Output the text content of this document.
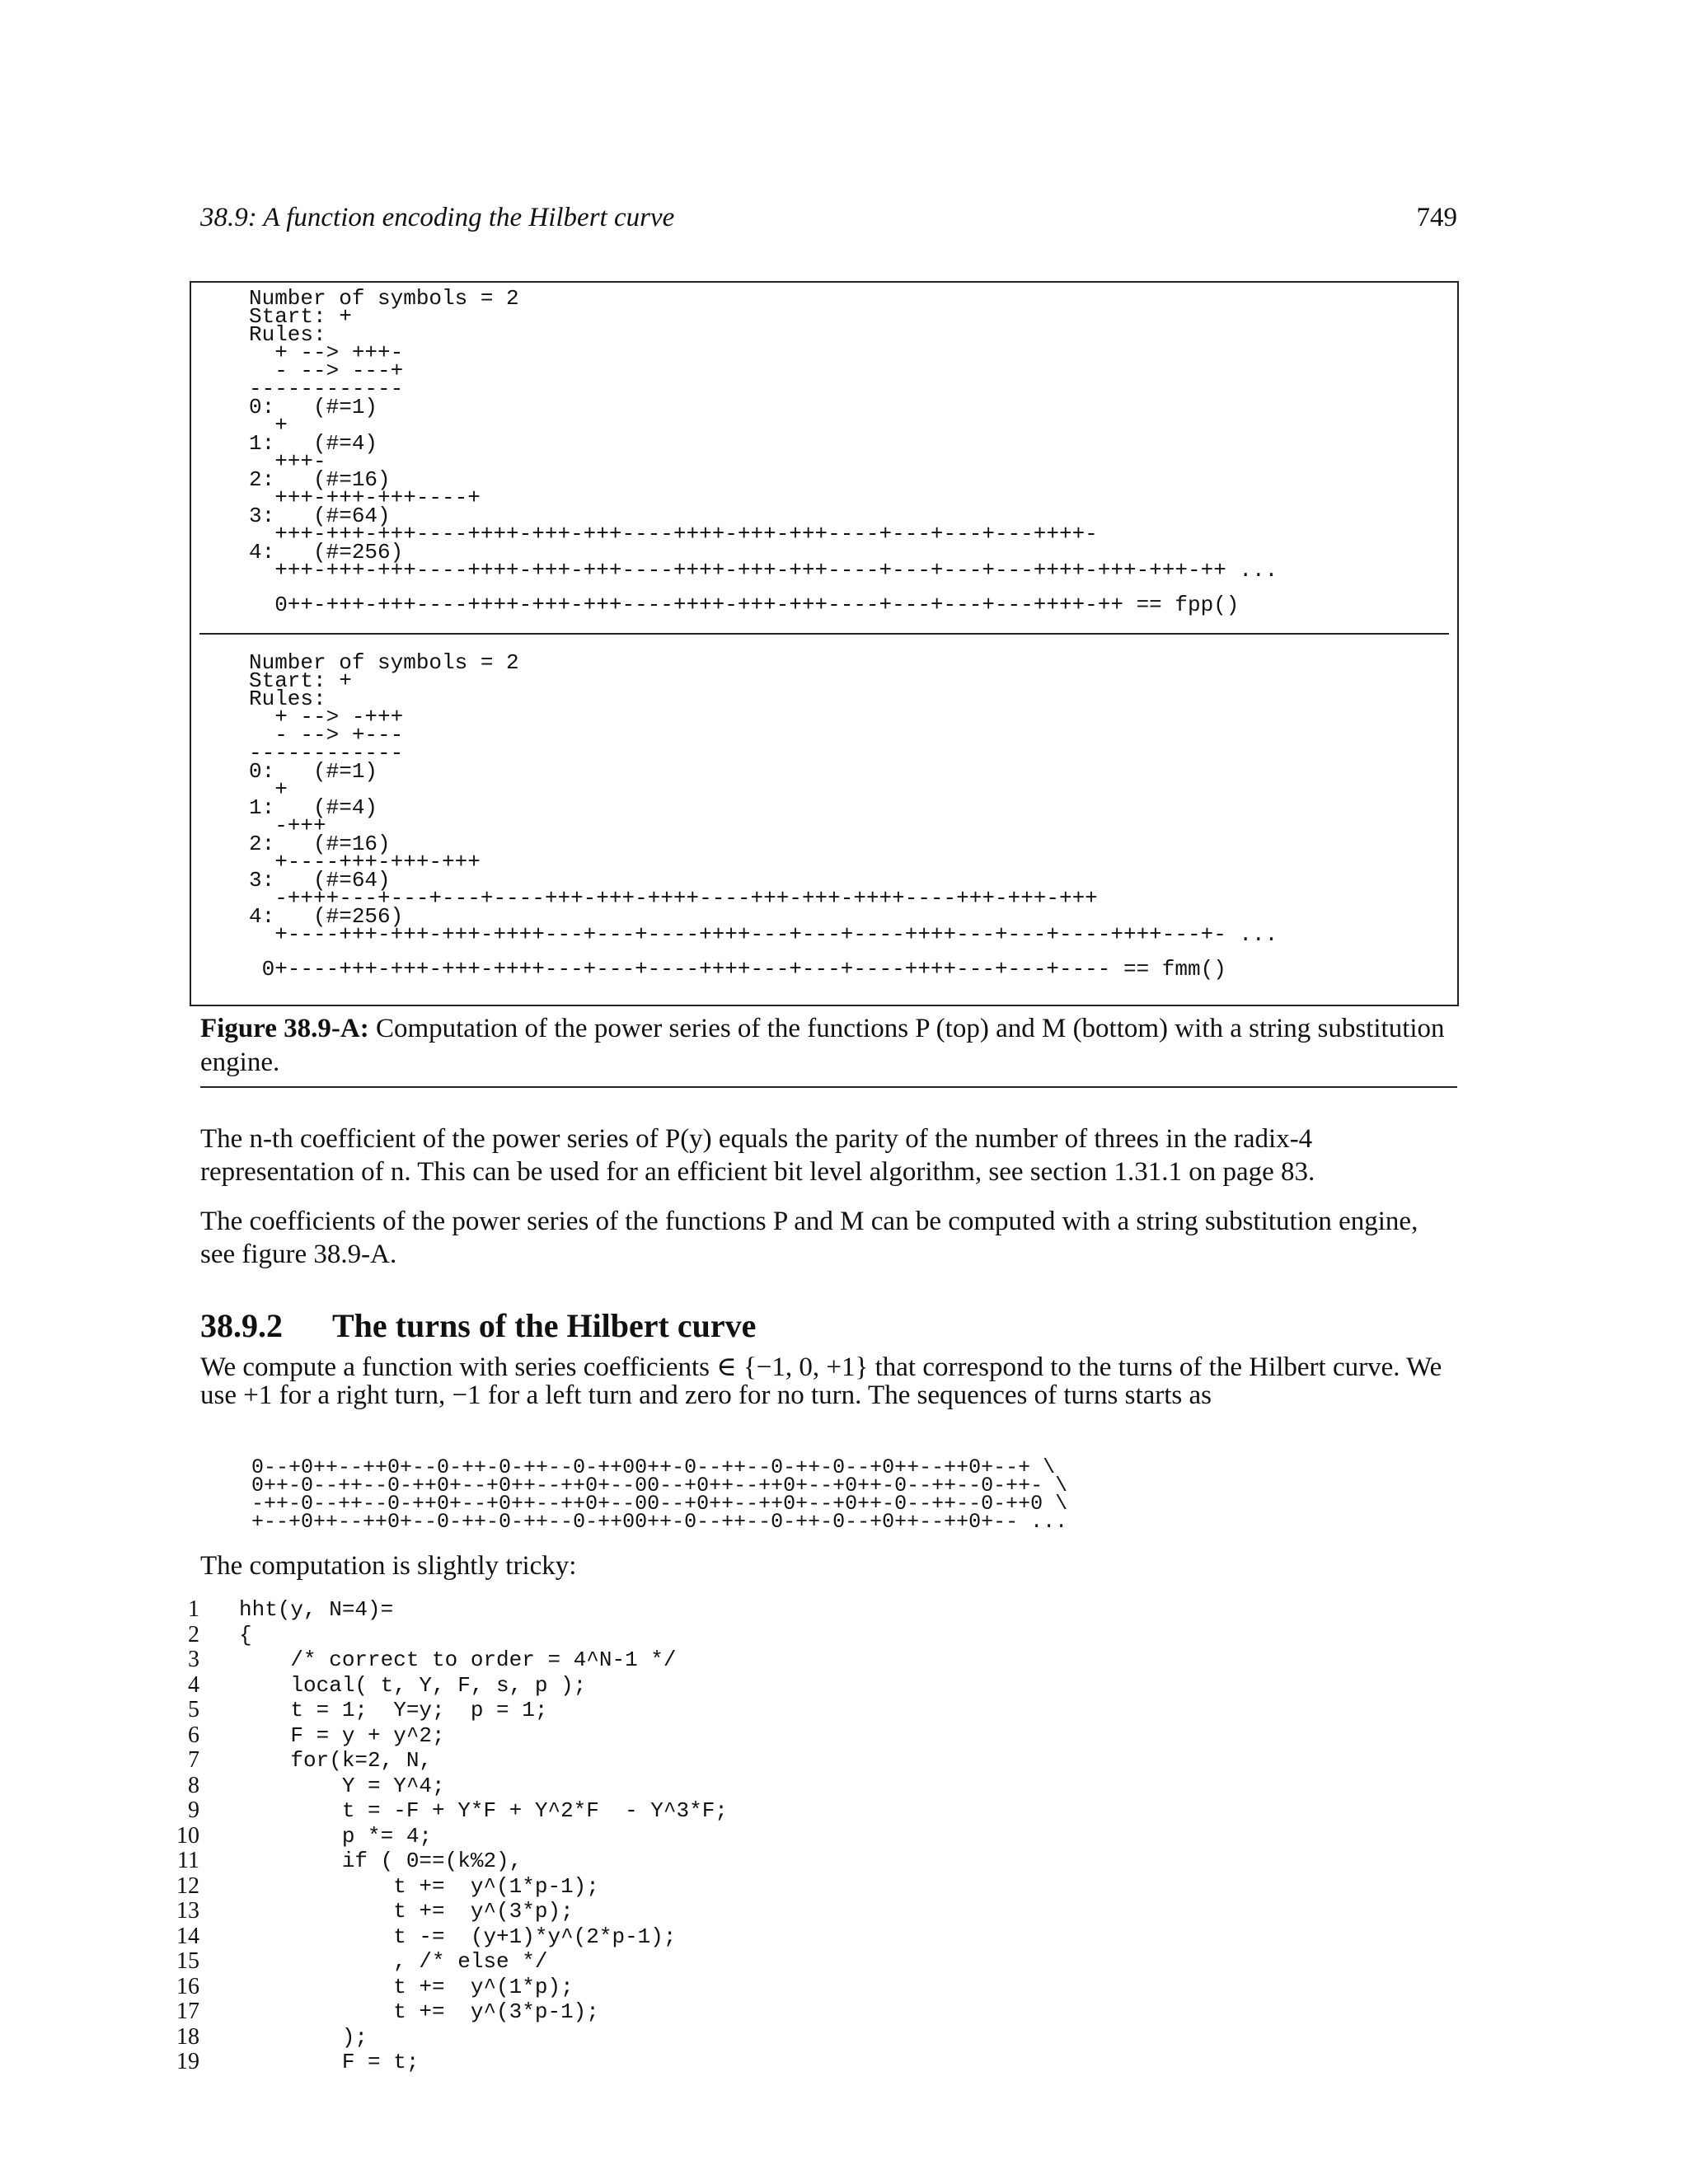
38.9: A function encoding the Hilbert curve	749
Number of symbols = 2
Start: +
Rules:
+ --> +++-
- --> ---+
------------
0:   (#=1)
+
1:   (#=4)
+++-
2:   (#=16)
+++-+++-+++----+
3:   (#=64)
+++-+++-+++----++++-+++-+++----++++-+++-+++----+---+---+---++++-
4:   (#=256)
+++-+++-+++----++++-+++-+++----++++-+++-+++----+---+---+---++++-+++-+++-++ ...
0++-+++-+++----++++-+++-+++----++++-+++-+++----+---+---+---++++-++ == fpp()
Number of symbols = 2
Start: +
Rules:
+ --> -+++
- --> +---
------------
0:   (#=1)
+
1:   (#=4)
-+++
2:   (#=16)
+----+++-+++-+++
3:   (#=64)
-++++---+---+---+----+++-+++-++++----+++-+++-++++----+++-+++-+++
4:   (#=256)
+----+++-+++-+++-++++---+---+----++++---+---+----++++---+---+----++++---+- ...
0+----+++-+++-+++-++++---+---+----++++---+---+----++++---+---+---- == fmm()
Figure 38.9-A: Computation of the power series of the functions P (top) and M (bottom) with a string substitution engine.
The n-th coefficient of the power series of P(y) equals the parity of the number of threes in the radix-4 representation of n. This can be used for an efficient bit level algorithm, see section 1.31.1 on page 83.
The coefficients of the power series of the functions P and M can be computed with a string substitution engine, see figure 38.9-A.
38.9.2 The turns of the Hilbert curve
We compute a function with series coefficients ∈ {−1, 0, +1} that correspond to the turns of the Hilbert curve. We use +1 for a right turn, −1 for a left turn and zero for no turn. The sequences of turns starts as
0--+0++--++0+--0-++-0-++--0-++00++-0--++--0-++-0--+0++--++0+--+ \
0++-0--++--0-++0+--+0++--++0+--00--+0++--++0+--+0++-0--++--0-++- \
-++-0--++--0-++0+--+0++--++0+--00--+0++--++0+--+0++-0--++--0-++0 \
+--+0++--++0+--0-++-0-++--0-++00++-0--++--0-++-0--+0++--++0+-- ...
The computation is slightly tricky:
1 hht(y, N=4)=
2 {
3 /* correct to order = 4^N-1 */
4 local( t, Y, F, s, p );
5 t = 1;  Y=y;  p = 1;
6 F = y + y^2;
7 for(k=2, N,
8 Y = Y^4;
9 t = -F + Y*F + Y^2*F  - Y^3*F;
10 p *= 4;
11 if ( 0==(k%2),
12 t +=  y^(1*p-1);
13 t +=  y^(3*p);
14 t -=  (y+1)*y^(2*p-1);
15 , /* else */
16 t +=  y^(1*p);
17 t +=  y^(3*p-1);
18 );
19 F = t;
